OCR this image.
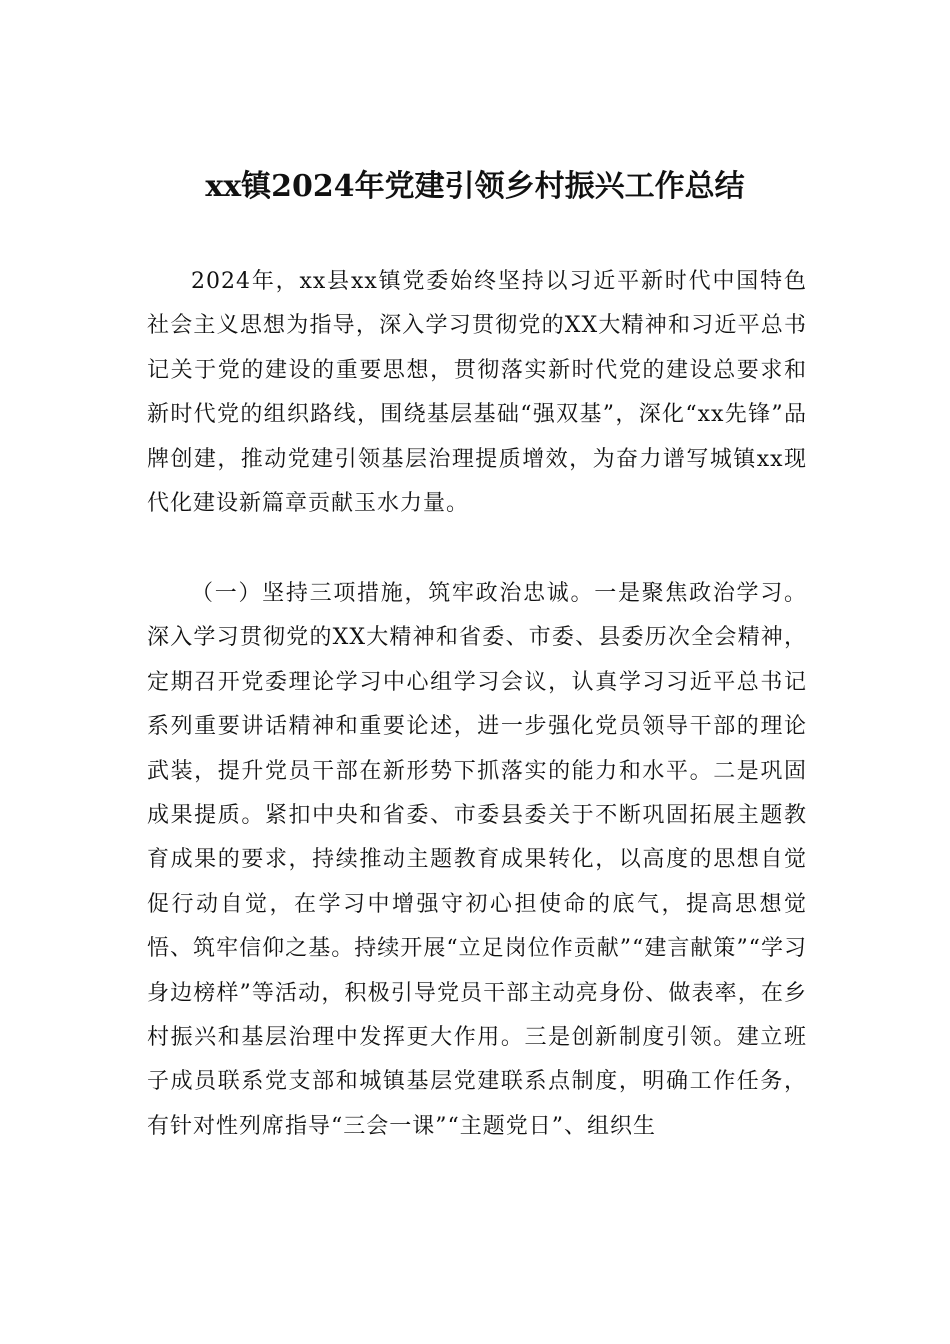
xx镇2024年党建引领乡村振兴工作总结

2024年，xx县xx镇党委始终坚持以习近平新时代中国特色社会主义思想为指导，深入学习贯彻党的XX大精神和习近平总书记关于党的建设的重要思想，贯彻落实新时代党的建设总要求和新时代党的组织路线，围绕基层基础“强双基”，深化“xx先锋”品牌创建，推动党建引领基层治理提质增效，为奋力谱写城镇xx现代化建设新篇章贡献玉水力量。

（一）坚持三项措施，筑牢政治忠诚。一是聚焦政治学习。深入学习贯彻党的XX大精神和省委、市委、县委历次全会精神，定期召开党委理论学习中心组学习会议，认真学习习近平总书记系列重要讲话精神和重要论述，进一步强化党员领导干部的理论武装，提升党员干部在新形势下抓落实的能力和水平。二是巩固成果提质。紧扣中央和省委、市委县委关于不断巩固拓展主题教育成果的要求，持续推动主题教育成果转化，以高度的思想自觉促行动自觉，在学习中增强守初心担使命的底气，提高思想觉悟、筑牢信仰之基。持续开展“立足岗位作贡献”“建言献策”“学习身边榜样”等活动，积极引导党员干部主动亮身份、做表率，在乡村振兴和基层治理中发挥更大作用。三是创新制度引领。建立班子成员联系党支部和城镇基层党建联系点制度，明确工作任务，有针对性列席指导“三会一课”“主题党日”、组织生
